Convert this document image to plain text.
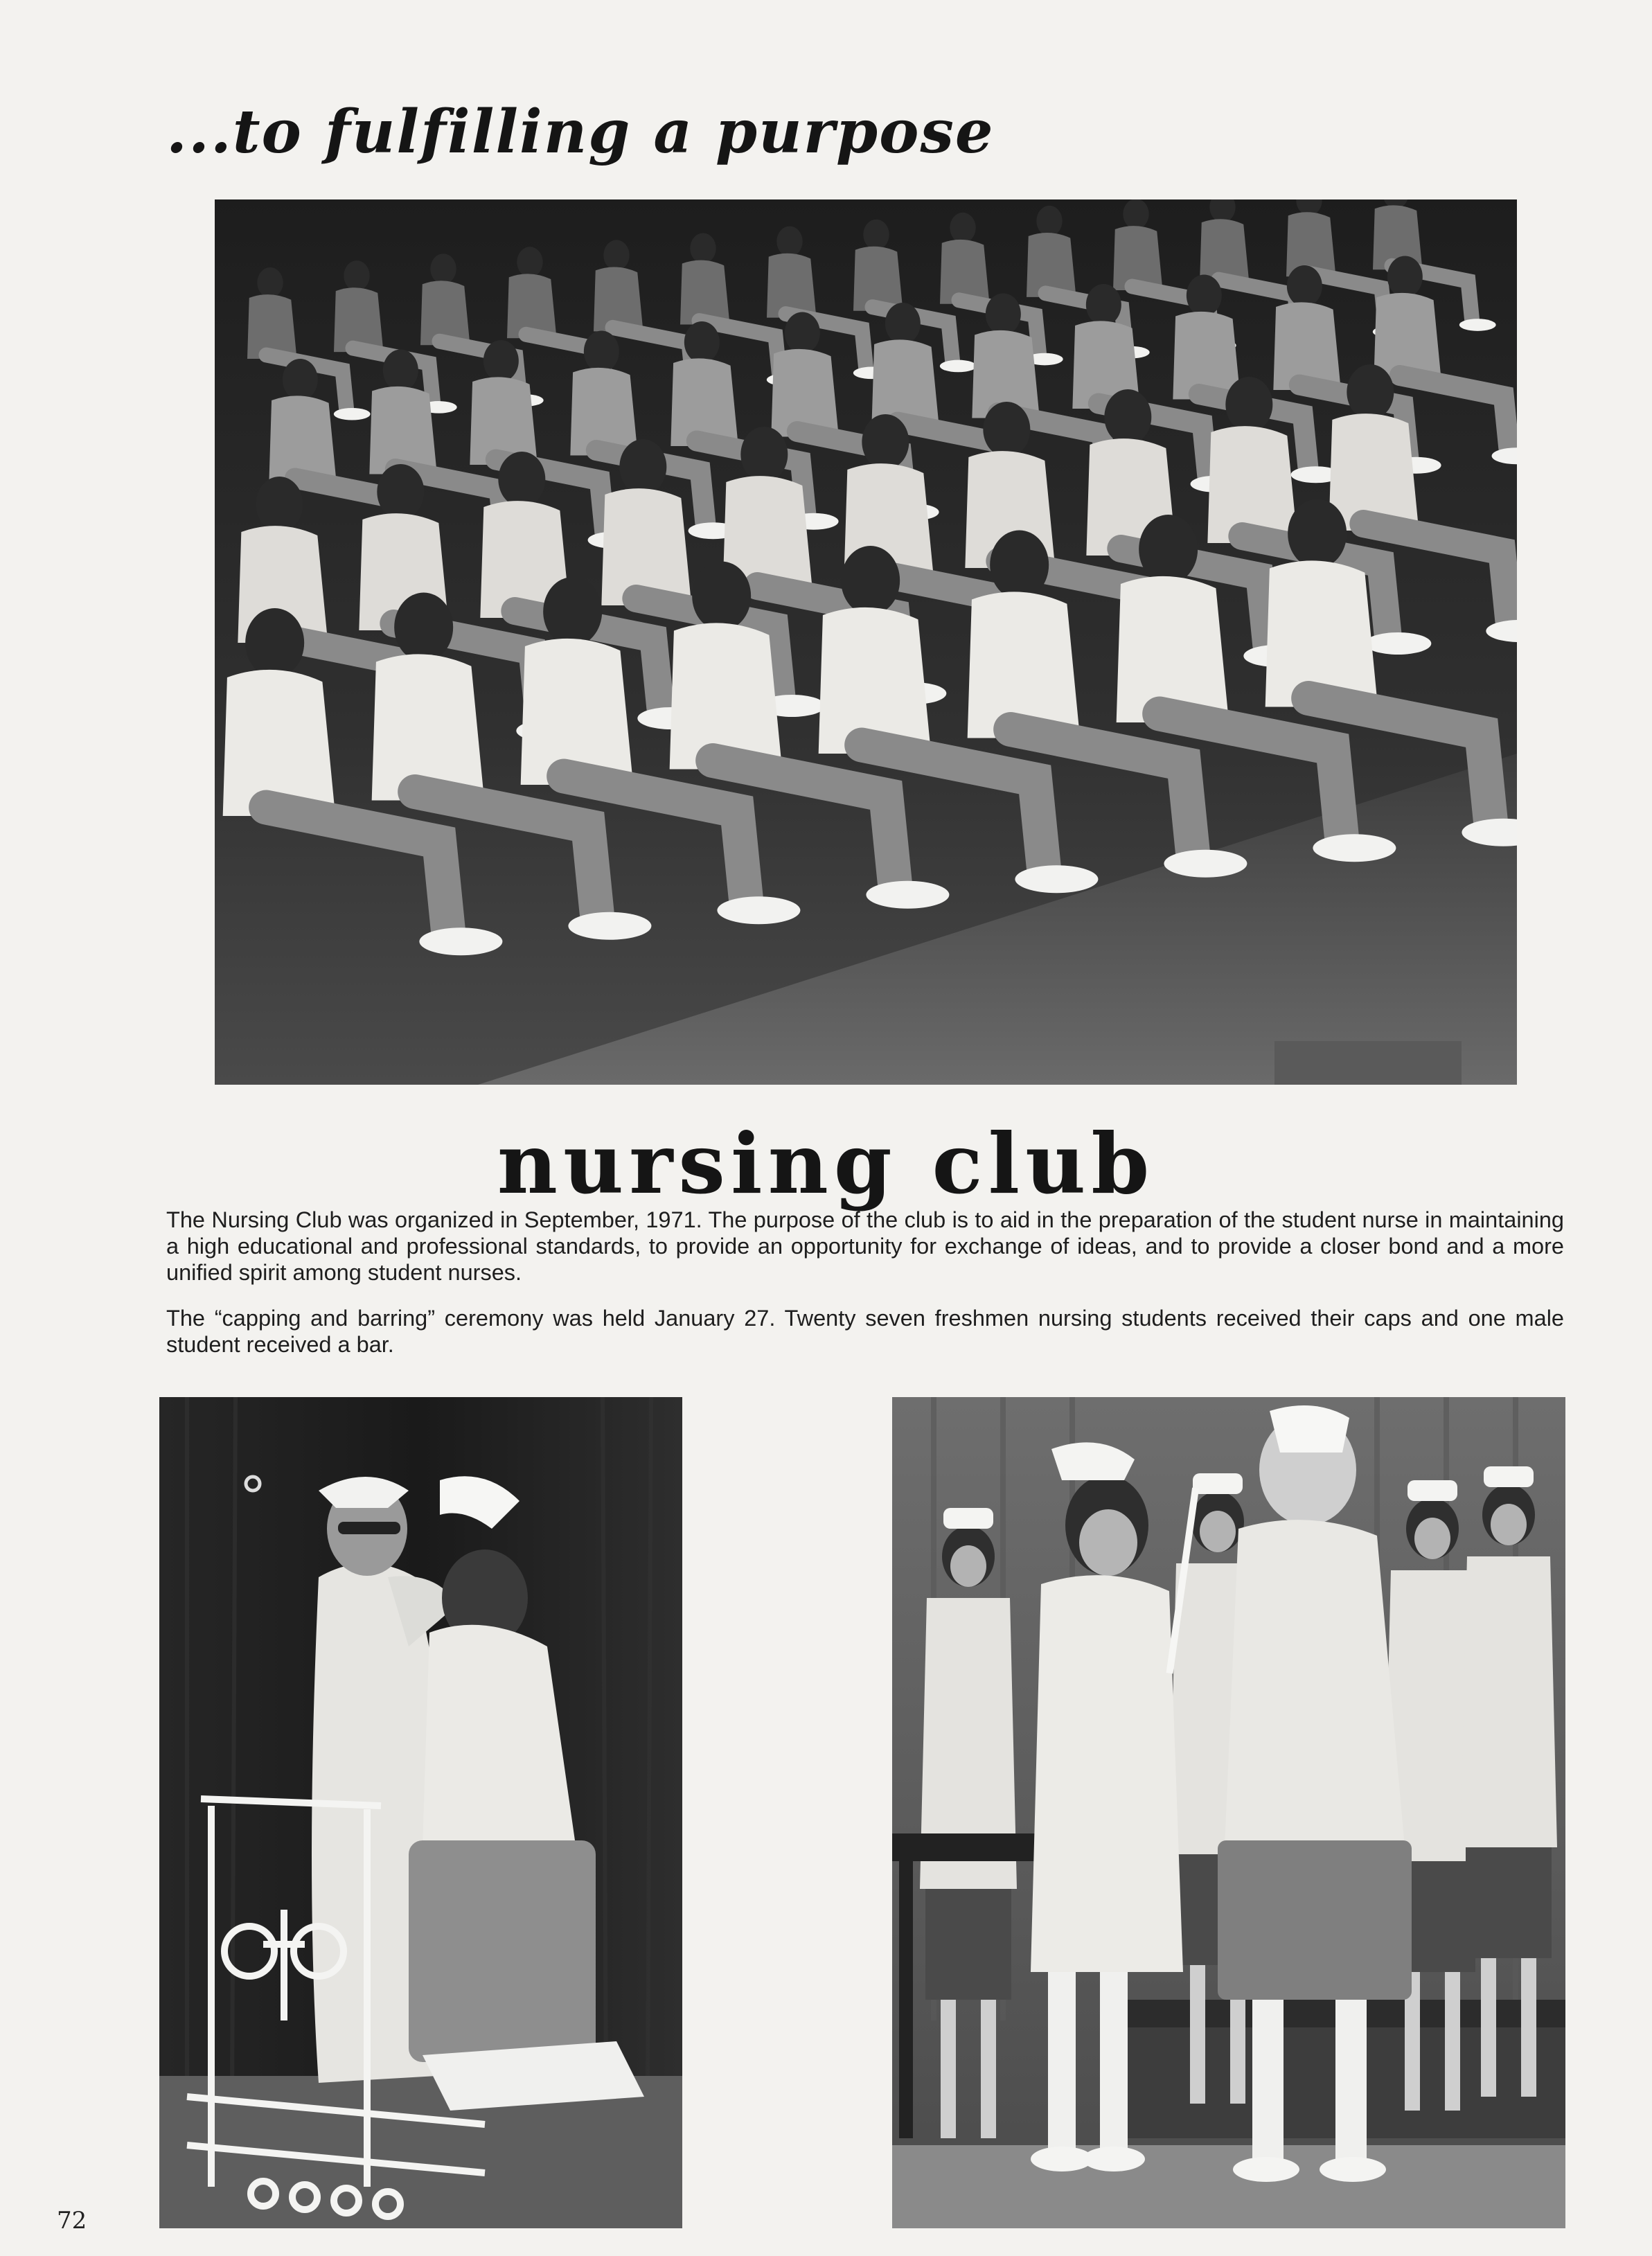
...to fulfilling a purpose
nursing club

The Nursing Club was organized in September, 1971. The purpose of the club is to aid in the preparation of the student nurse in maintaining a high educational and professional standards, to provide an opportunity for exchange of ideas, and to provide a closer bond and a more unified spirit among student nurses.

The “capping and barring” ceremony was held January 27. Twenty seven freshmen nursing students received their caps and one male student received a bar.

72
